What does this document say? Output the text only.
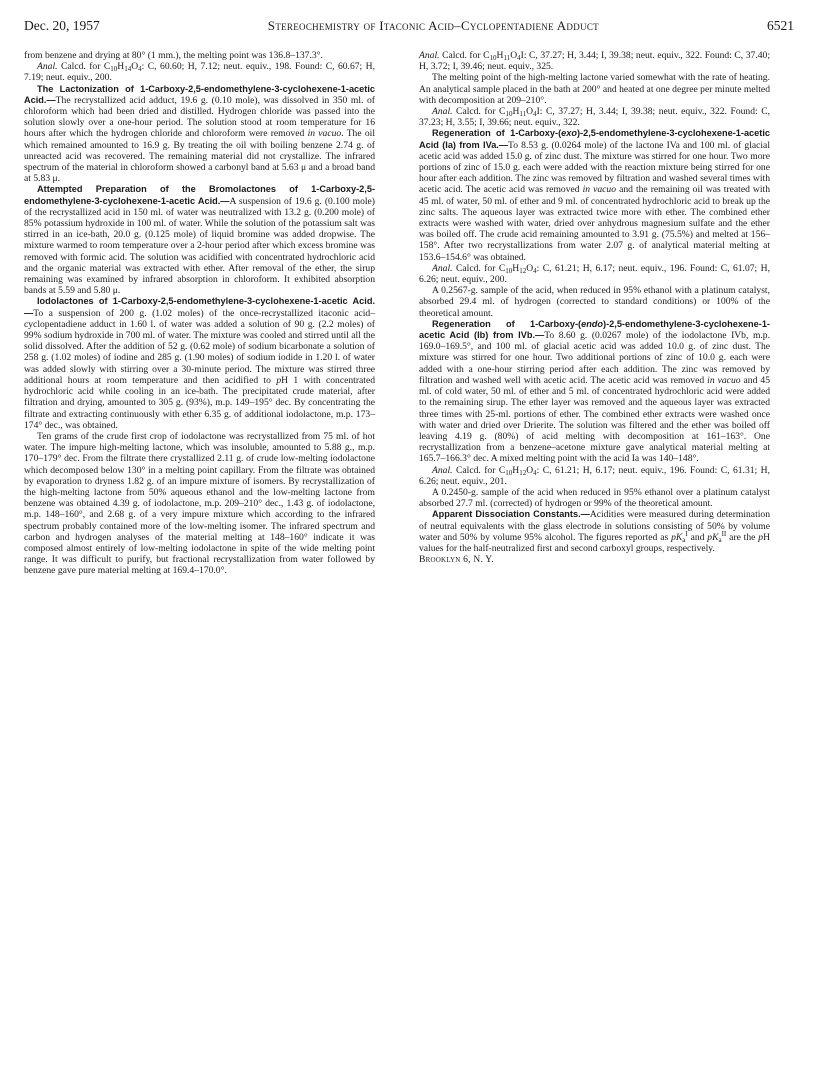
Dec. 20, 1957	Stereochemistry of Itaconic Acid–Cyclopentadiene Adduct	6521

from benzene and drying at 80° (1 mm.), the melting point was 136.8–137.3°.

Anal. Calcd. for $C_{10}H_{14}O_4$: C, 60.60; H, 7.12; neut. equiv., 198. Found: C, 60.67; H, 7.19; neut. equiv., 200.

The Lactonization of 1-Carboxy-2,5-endomethylene-3-cyclohexene-1-acetic Acid.—The recrystallized acid adduct, 19.6 g. (0.10 mole), was dissolved in 350 ml. of chloroform which had been dried and distilled. Hydrogen chloride was passed into the solution slowly over a one-hour period. The solution stood at room temperature for 16 hours after which the hydrogen chloride and chloroform were removed in vacuo. The oil which remained amounted to 16.9 g. By treating the oil with boiling benzene 2.74 g. of unreacted acid was recovered. The remaining material did not crystallize. The infrared spectrum of the material in chloroform showed a carbonyl band at 5.63 μ and a broad band at 5.83 μ.

Attempted Preparation of the Bromolactones of 1-Carboxy-2,5-endomethylene-3-cyclohexene-1-acetic Acid.—A suspension of 19.6 g. (0.100 mole) of the recrystallized acid in 150 ml. of water was neutralized with 13.2 g. (0.200 mole) of 85% potassium hydroxide in 100 ml. of water. While the solution of the potassium salt was stirred in an ice-bath, 20.0 g. (0.125 mole) of liquid bromine was added dropwise. The mixture warmed to room temperature over a 2-hour period after which excess bromine was removed with formic acid. The solution was acidified with concentrated hydrochloric acid and the organic material was extracted with ether. After removal of the ether, the sirup remaining was examined by infrared absorption in chloroform. It exhibited absorption bands at 5.59 and 5.80 μ.

Iodolactones of 1-Carboxy-2,5-endomethylene-3-cyclohexene-1-acetic Acid.—To a suspension of 200 g. (1.02 moles) of the once-recrystallized itaconic acid–cyclopentadiene adduct in 1.60 l. of water was added a solution of 90 g. (2.2 moles) of 99% sodium hydroxide in 700 ml. of water. The mixture was cooled and stirred until all the solid dissolved. After the addition of 52 g. (0.62 mole) of sodium bicarbonate a solution of 258 g. (1.02 moles) of iodine and 285 g. (1.90 moles) of sodium iodide in 1.20 l. of water was added slowly with stirring over a 30-minute period. The mixture was stirred three additional hours at room temperature and then acidified to pH 1 with concentrated hydrochloric acid while cooling in an ice-bath. The precipitated crude material, after filtration and drying, amounted to 305 g. (93%), m.p. 149–195° dec. By concentrating the filtrate and extracting continuously with ether 6.35 g. of additional iodolactone, m.p. 173–174° dec., was obtained.

Ten grams of the crude first crop of iodolactone was recrystallized from 75 ml. of hot water. The impure high-melting lactone, which was insoluble, amounted to 5.88 g., m.p. 170–179° dec. From the filtrate there crystallized 2.11 g. of crude low-melting iodolactone which decomposed below 130° in a melting point capillary. From the filtrate was obtained by evaporation to dryness 1.82 g. of an impure mixture of isomers. By recrystallization of the high-melting lactone from 50% aqueous ethanol and the low-melting lactone from benzene was obtained 4.39 g. of iodolactone, m.p. 209–210° dec., 1.43 g. of iodolactone, m.p. 148–160°, and 2.68 g. of a very impure mixture which according to the infrared spectrum probably contained more of the low-melting isomer. The infrared spectrum and carbon and hydrogen analyses of the material melting at 148–160° indicate it was composed almost entirely of low-melting iodolactone in spite of the wide melting point range. It was difficult to purify, but fractional recrystallization from water followed by benzene gave pure material melting at 169.4–170.0°.

Anal. Calcd. for $C_{10}H_{11}O_4I$: C, 37.27; H, 3.44; I, 39.38; neut. equiv., 322. Found: C, 37.40; H, 3.72; I, 39.46; neut. equiv., 325.

The melting point of the high-melting lactone varied somewhat with the rate of heating. An analytical sample placed in the bath at 200° and heated at one degree per minute melted with decomposition at 209–210°.

Anal. Calcd. for $C_{10}H_{11}O_4I$: C, 37.27; H, 3.44; I, 39.38; neut. equiv., 322. Found: C, 37.23; H, 3.55; I, 39.66; neut. equiv., 322.

Regeneration of 1-Carboxy-(exo)-2,5-endomethylene-3-cyclohexene-1-acetic Acid (Ia) from IVa.—To 8.53 g. (0.0264 mole) of the lactone IVa and 100 ml. of glacial acetic acid was added 15.0 g. of zinc dust. The mixture was stirred for one hour. Two more portions of zinc of 15.0 g. each were added with the reaction mixture being stirred for one hour after each addition. The zinc was removed by filtration and washed several times with acetic acid. The acetic acid was removed in vacuo and the remaining oil was treated with 45 ml. of water, 50 ml. of ether and 9 ml. of concentrated hydrochloric acid to break up the zinc salts. The aqueous layer was extracted twice more with ether. The combined ether extracts were washed with water, dried over anhydrous magnesium sulfate and the ether was boiled off. The crude acid remaining amounted to 3.91 g. (75.5%) and melted at 156–158°. After two recrystallizations from water 2.07 g. of analytical material melting at 153.6–154.6° was obtained.

Anal. Calcd. for $C_{10}H_{12}O_4$: C, 61.21; H, 6.17; neut. equiv., 196. Found: C, 61.07; H, 6.26; neut. equiv., 200.

A 0.2567-g. sample of the acid, when reduced in 95% ethanol with a platinum catalyst, absorbed 29.4 ml. of hydrogen (corrected to standard conditions) or 100% of the theoretical amount.

Regeneration of 1-Carboxy-(endo)-2,5-endomethylene-3-cyclohexene-1-acetic Acid (Ib) from IVb.—To 8.60 g. (0.0267 mole) of the iodolactone IVb, m.p. 169.0–169.5°, and 100 ml. of glacial acetic acid was added 10.0 g. of zinc dust. The mixture was stirred for one hour. Two additional portions of zinc of 10.0 g. each were added with a one-hour stirring period after each addition. The zinc was removed by filtration and washed well with acetic acid. The acetic acid was removed in vacuo and 45 ml. of cold water, 50 ml. of ether and 5 ml. of concentrated hydrochloric acid were added to the remaining sirup. The ether layer was removed and the aqueous layer was extracted three times with 25-ml. portions of ether. The combined ether extracts were washed once with water and dried over Drierite. The solution was filtered and the ether was boiled off leaving 4.19 g. (80%) of acid melting with decomposition at 161–163°. One recrystallization from a benzene–acetone mixture gave analytical material melting at 165.7–166.3° dec. A mixed melting point with the acid Ia was 140–148°.

Anal. Calcd. for $C_{10}H_{12}O_4$: C, 61.21; H, 6.17; neut. equiv., 196. Found: C, 61.31; H, 6.26; neut. equiv., 201.

A 0.2450-g. sample of the acid when reduced in 95% ethanol over a platinum catalyst absorbed 27.7 ml. (corrected) of hydrogen or 99% of the theoretical amount.

Apparent Dissociation Constants.—Acidities were measured during determination of neutral equivalents with the glass electrode in solutions consisting of 50% by volume water and 50% by volume 95% alcohol. The figures reported as $pK_a^I$ and $pK_a^{II}$ are the pH values for the half-neutralized first and second carboxyl groups, respectively.

Brooklyn 6, N. Y.
